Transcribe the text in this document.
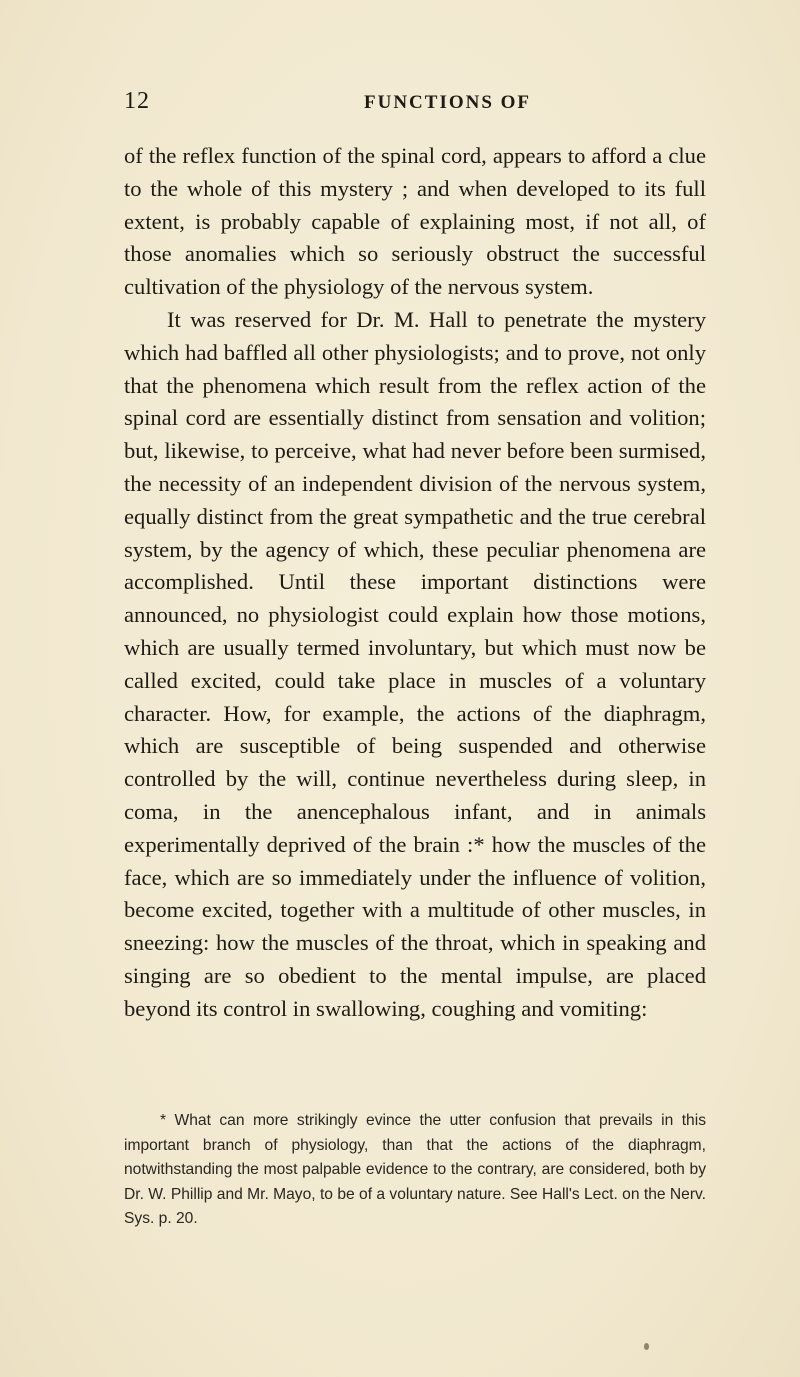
12	FUNCTIONS OF

of the reflex function of the spinal cord, appears to afford a clue to the whole of this mystery ; and when developed to its full extent, is probably capable of explaining most, if not all, of those anomalies which so seriously obstruct the successful cultivation of the physiology of the nervous system.

It was reserved for Dr. M. Hall to penetrate the mystery which had baffled all other physiologists; and to prove, not only that the phenomena which result from the reflex action of the spinal cord are essentially distinct from sensation and volition; but, likewise, to perceive, what had never before been surmised, the necessity of an independent division of the nervous system, equally distinct from the great sympathetic and the true cerebral system, by the agency of which, these peculiar phenomena are accomplished. Until these important distinctions were announced, no physiologist could explain how those motions, which are usually termed involuntary, but which must now be called excited, could take place in muscles of a voluntary character. How, for example, the actions of the diaphragm, which are susceptible of being suspended and otherwise controlled by the will, continue nevertheless during sleep, in coma, in the anencephalous infant, and in animals experimentally deprived of the brain :* how the muscles of the face, which are so immediately under the influence of volition, become excited, together with a multitude of other muscles, in sneezing: how the muscles of the throat, which in speaking and singing are so obedient to the mental impulse, are placed beyond its control in swallowing, coughing and vomiting:

* What can more strikingly evince the utter confusion that prevails in this important branch of physiology, than that the actions of the diaphragm, notwithstanding the most palpable evidence to the contrary, are considered, both by Dr. W. Phillip and Mr. Mayo, to be of a voluntary nature. See Hall's Lect. on the Nerv. Sys. p. 20.
